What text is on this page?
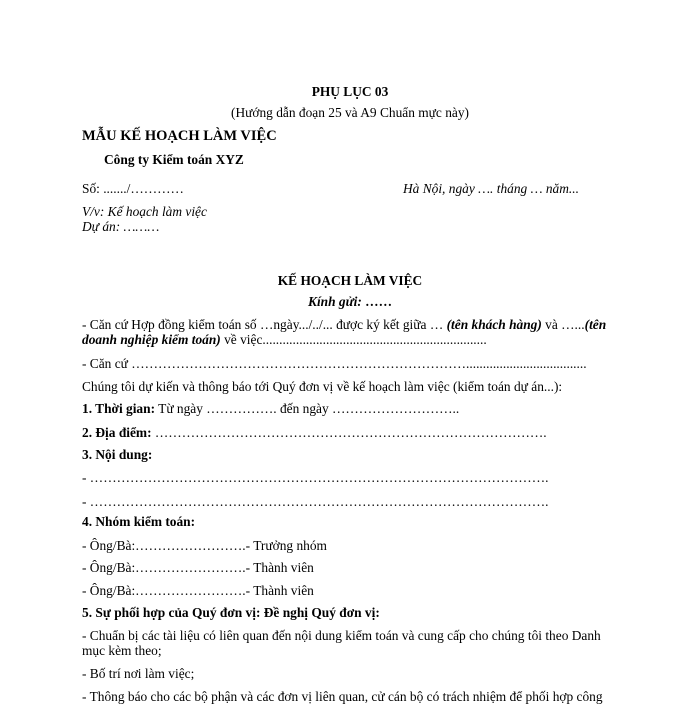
PHỤ LỤC 03
(Hướng dẫn đoạn 25 và A9 Chuẩn mực này)
MẪU KẾ HOẠCH LÀM VIỆC
Công ty Kiểm toán XYZ
Số: ......./…………	Hà Nội, ngày …. tháng … năm...
V/v: Kế hoạch làm việc
Dự án: ………
KẾ HOẠCH LÀM VIỆC
Kính gửi: ……
- Căn cứ Hợp đồng kiểm toán số …ngày.../../... được ký kết giữa … (tên khách hàng) và …...(tên
doanh nghiệp kiểm toán) về việc...................................................................
- Căn cứ …………………………………………………………………....................................
Chúng tôi dự kiến và thông báo tới Quý đơn vị về kế hoạch làm việc (kiểm toán dự án...):
1. Thời gian: Từ ngày ……………. đến ngày ………………………..
2. Địa điểm: …………………………………………………………………………….
3. Nội dung:
- ………………………………………………………………………………………….
- ………………………………………………………………………………………….
4. Nhóm kiểm toán:
- Ông/Bà:…………………….- Trưởng nhóm
- Ông/Bà:…………………….- Thành viên
- Ông/Bà:…………………….- Thành viên
5. Sự phối hợp của Quý đơn vị: Đề nghị Quý đơn vị:
- Chuẩn bị các tài liệu có liên quan đến nội dung kiểm toán và cung cấp cho chúng tôi theo Danh
mục kèm theo;
- Bố trí nơi làm việc;
- Thông báo cho các bộ phận và các đơn vị liên quan, cử cán bộ có trách nhiệm để phối hợp công
